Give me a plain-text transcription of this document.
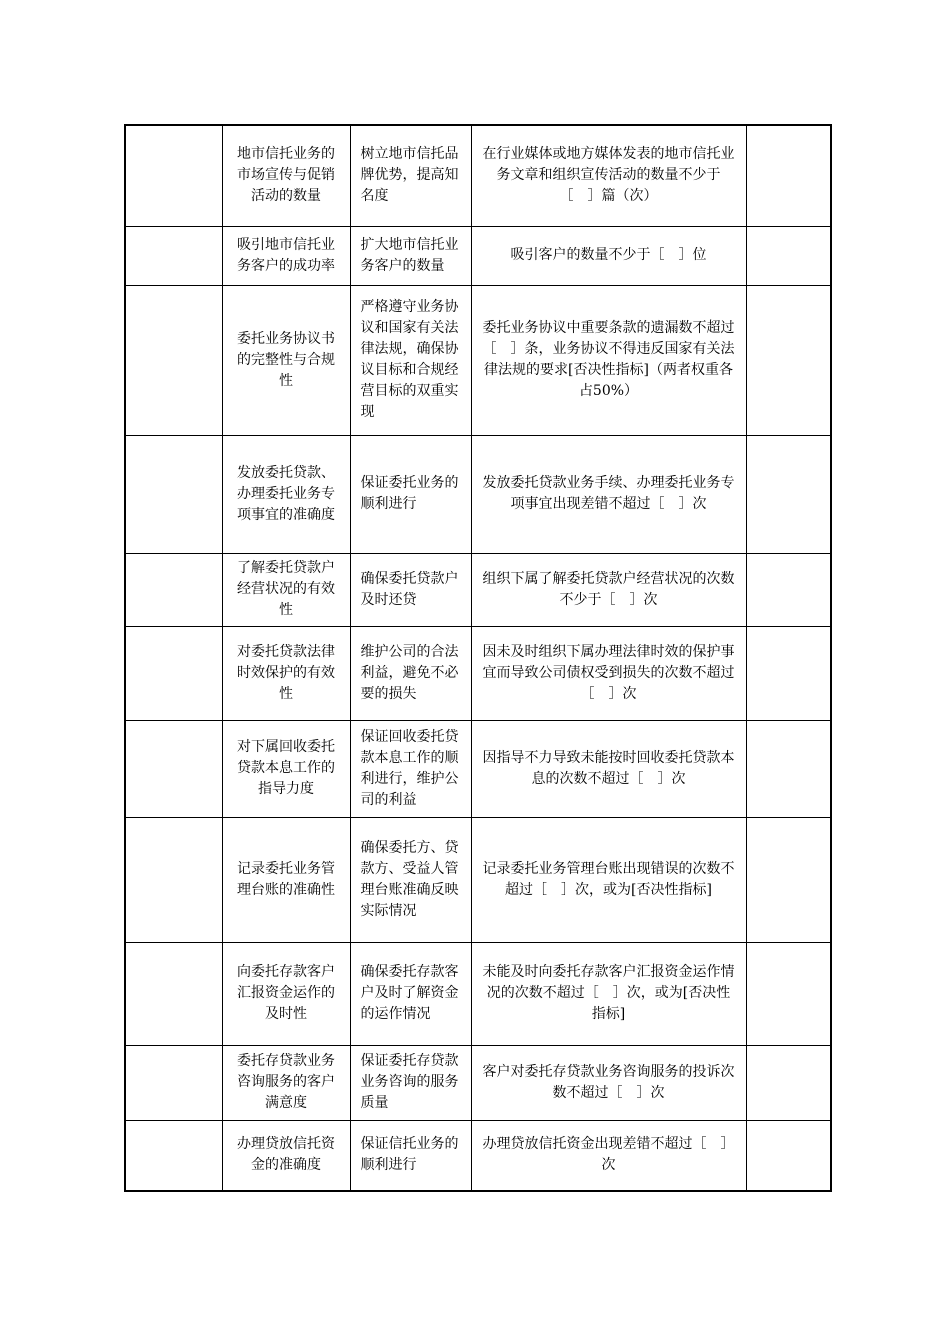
	地市信托业务的市场宣传与促销活动的数量	树立地市信托品牌优势，提高知名度	在行业媒体或地方媒体发表的地市信托业务文章和组织宣传活动的数量不少于［　］篇（次）	
	吸引地市信托业务客户的成功率	扩大地市信托业务客户的数量	吸引客户的数量不少于［　］位	
	委托业务协议书的完整性与合规性	严格遵守业务协议和国家有关法律法规，确保协议目标和合规经营目标的双重实现	委托业务协议中重要条款的遗漏数不超过［　］条，业务协议不得违反国家有关法律法规的要求[否决性指标]（两者权重各占50%）	
	发放委托贷款、办理委托业务专项事宜的准确度	保证委托业务的顺利进行	发放委托贷款业务手续、办理委托业务专项事宜出现差错不超过［　］次	
	了解委托贷款户经营状况的有效性	确保委托贷款户及时还贷	组织下属了解委托贷款户经营状况的次数不少于［　］次	
	对委托贷款法律时效保护的有效性	维护公司的合法利益，避免不必要的损失	因未及时组织下属办理法律时效的保护事宜而导致公司债权受到损失的次数不超过［　］次	
	对下属回收委托贷款本息工作的指导力度	保证回收委托贷款本息工作的顺利进行，维护公司的利益	因指导不力导致未能按时回收委托贷款本息的次数不超过［　］次	
	记录委托业务管理台账的准确性	确保委托方、贷款方、受益人管理台账准确反映实际情况	记录委托业务管理台账出现错误的次数不超过［　］次，或为[否决性指标]	
	向委托存款客户汇报资金运作的及时性	确保委托存款客户及时了解资金的运作情况	未能及时向委托存款客户汇报资金运作情况的次数不超过［　］次，或为[否决性指标]	
	委托存贷款业务咨询服务的客户满意度	保证委托存贷款业务咨询的服务质量	客户对委托存贷款业务咨询服务的投诉次数不超过［　］次	
	办理贷放信托资金的准确度	保证信托业务的顺利进行	办理贷放信托资金出现差错不超过［　］次	
